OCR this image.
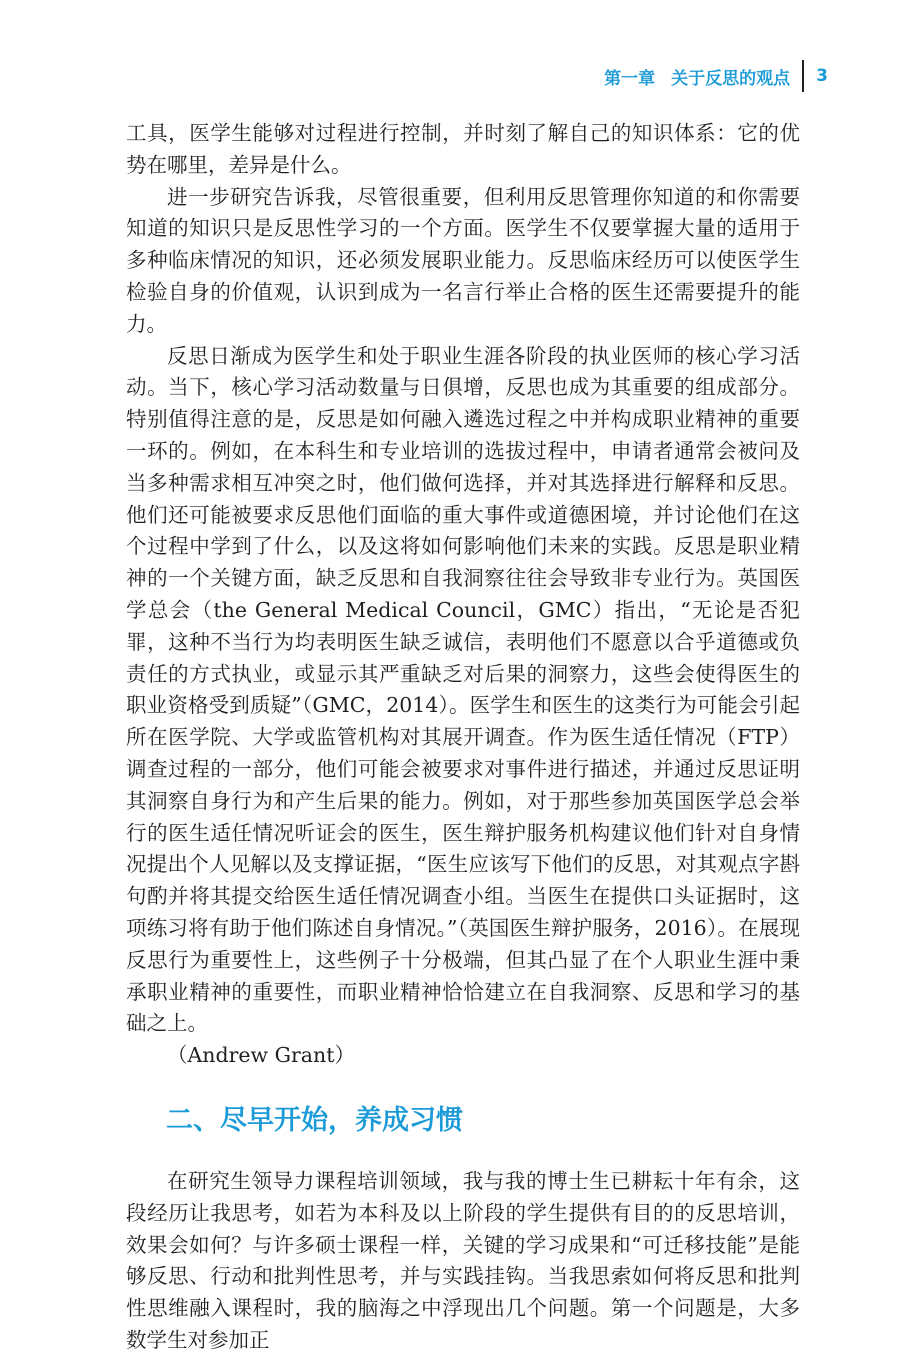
第一章 关于反思的观点 3

工具，医学生能够对过程进行控制，并时刻了解自己的知识体系：它的优势在哪里，差异是什么。

进一步研究告诉我，尽管很重要，但利用反思管理你知道的和你需要知道的知识只是反思性学习的一个方面。医学生不仅要掌握大量的适用于多种临床情况的知识，还必须发展职业能力。反思临床经历可以使医学生检验自身的价值观，认识到成为一名言行举止合格的医生还需要提升的能力。

反思日渐成为医学生和处于职业生涯各阶段的执业医师的核心学习活动。当下，核心学习活动数量与日俱增，反思也成为其重要的组成部分。特别值得注意的是，反思是如何融入遴选过程之中并构成职业精神的重要一环的。例如，在本科生和专业培训的选拔过程中，申请者通常会被问及当多种需求相互冲突之时，他们做何选择，并对其选择进行解释和反思。他们还可能被要求反思他们面临的重大事件或道德困境，并讨论他们在这个过程中学到了什么，以及这将如何影响他们未来的实践。反思是职业精神的一个关键方面，缺乏反思和自我洞察往往会导致非专业行为。英国医学总会（the General Medical Council，GMC）指出，“无论是否犯罪，这种不当行为均表明医生缺乏诚信，表明他们不愿意以合乎道德或负责任的方式执业，或显示其严重缺乏对后果的洞察力，这些会使得医生的职业资格受到质疑”（GMC，2014）。医学生和医生的这类行为可能会引起所在医学院、大学或监管机构对其展开调查。作为医生适任情况（FTP）调查过程的一部分，他们可能会被要求对事件进行描述，并通过反思证明其洞察自身行为和产生后果的能力。例如，对于那些参加英国医学总会举行的医生适任情况听证会的医生，医生辩护服务机构建议他们针对自身情况提出个人见解以及支撑证据，“医生应该写下他们的反思，对其观点字斟句酌并将其提交给医生适任情况调查小组。当医生在提供口头证据时，这项练习将有助于他们陈述自身情况。”（英国医生辩护服务，2016）。在展现反思行为重要性上，这些例子十分极端，但其凸显了在个人职业生涯中秉承职业精神的重要性，而职业精神恰恰建立在自我洞察、反思和学习的基础之上。

（Andrew Grant）

二、尽早开始，养成习惯

在研究生领导力课程培训领域，我与我的博士生已耕耘十年有余，这段经历让我思考，如若为本科及以上阶段的学生提供有目的的反思培训，效果会如何？与许多硕士课程一样，关键的学习成果和“可迁移技能”是能够反思、行动和批判性思考，并与实践挂钩。当我思索如何将反思和批判性思维融入课程时，我的脑海之中浮现出几个问题。第一个问题是，大多数学生对参加正
